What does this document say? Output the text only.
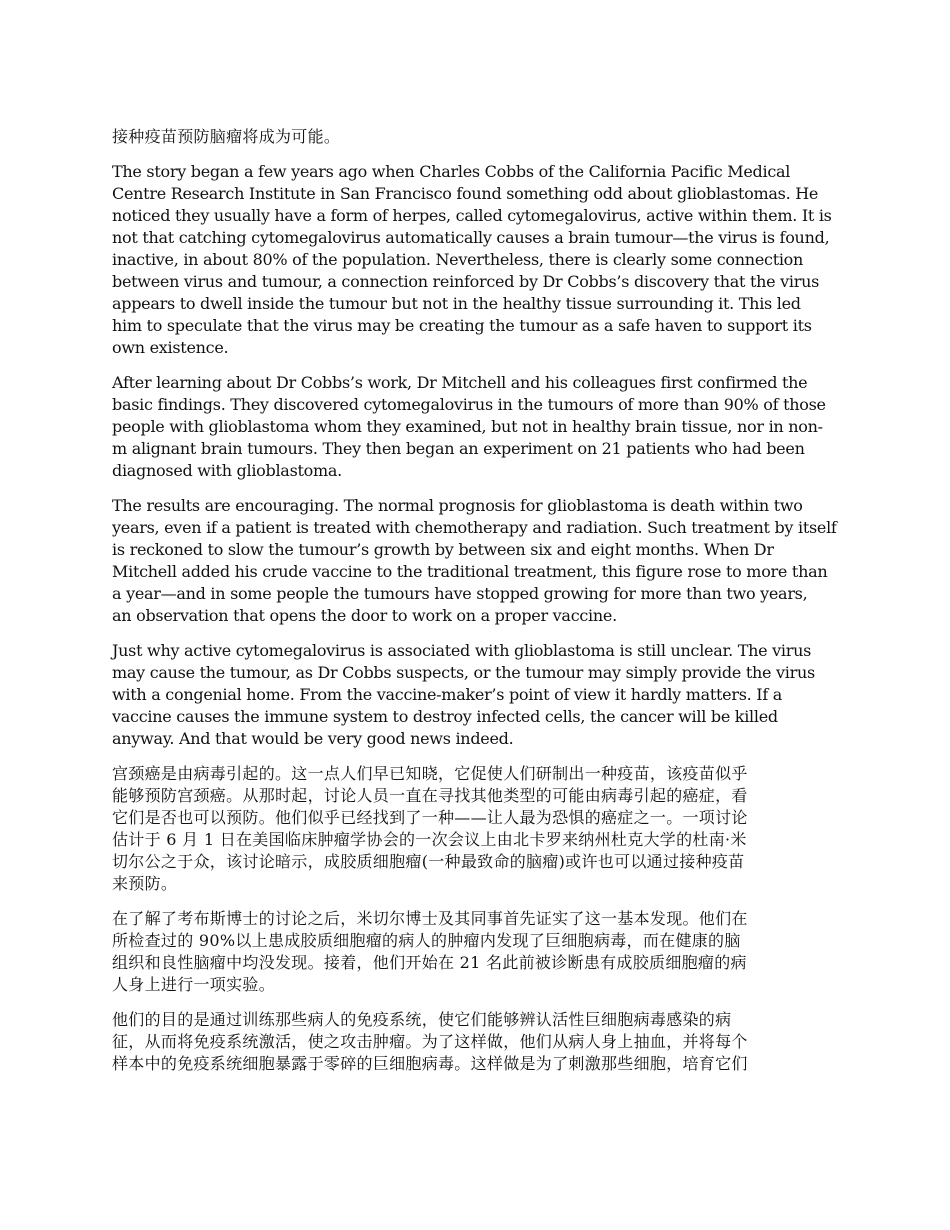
接种疫苗预防脑瘤将成为可能。

The story began a few years ago when Charles Cobbs of the California Pacific Medical
Centre Research Institute in San Francisco found something odd about glioblastomas. He
noticed they usually have a form of herpes, called cytomegalovirus, active within them. It is
not that catching cytomegalovirus automatically causes a brain tumour—the virus is found,
inactive, in about 80% of the population. Nevertheless, there is clearly some connection
between virus and tumour, a connection reinforced by Dr Cobbs’s discovery that the virus
appears to dwell inside the tumour but not in the healthy tissue surrounding it. This led
him to speculate that the virus may be creating the tumour as a safe haven to support its
own existence.

After learning about Dr Cobbs’s work, Dr Mitchell and his colleagues first confirmed the
basic findings. They discovered cytomegalovirus in the tumours of more than 90% of those
people with glioblastoma whom they examined, but not in healthy brain tissue, nor in non-
m alignant brain tumours. They then began an experiment on 21 patients who had been
diagnosed with glioblastoma.

The results are encouraging. The normal prognosis for glioblastoma is death within two
years, even if a patient is treated with chemotherapy and radiation. Such treatment by itself
is reckoned to slow the tumour’s growth by between six and eight months. When Dr
Mitchell added his crude vaccine to the traditional treatment, this figure rose to more than
a year—and in some people the tumours have stopped growing for more than two years,
an observation that opens the door to work on a proper vaccine.

Just why active cytomegalovirus is associated with glioblastoma is still unclear. The virus
may cause the tumour, as Dr Cobbs suspects, or the tumour may simply provide the virus
with a congenial home. From the vaccine-maker’s point of view it hardly matters. If a
vaccine causes the immune system to destroy infected cells, the cancer will be killed
anyway. And that would be very good news indeed.

宫颈癌是由病毒引起的。这一点人们早已知晓，它促使人们研制出一种疫苗，该疫苗似乎
能够预防宫颈癌。从那时起，讨论人员一直在寻找其他类型的可能由病毒引起的癌症，看
它们是否也可以预防。他们似乎已经找到了一种——让人最为恐惧的癌症之一。一项讨论
估计于 6 月 1 日在美国临床肿瘤学协会的一次会议上由北卡罗来纳州杜克大学的杜南·米
切尔公之于众，该讨论暗示，成胶质细胞瘤(一种最致命的脑瘤)或许也可以通过接种疫苗
来预防。

在了解了考布斯博士的讨论之后，米切尔博士及其同事首先证实了这一基本发现。他们在
所检查过的 90%以上患成胶质细胞瘤的病人的肿瘤内发现了巨细胞病毒，而在健康的脑
组织和良性脑瘤中均没发现。接着，他们开始在 21 名此前被诊断患有成胶质细胞瘤的病
人身上进行一项实验。

他们的目的是通过训练那些病人的免疫系统，使它们能够辨认活性巨细胞病毒感染的病
征，从而将免疫系统激活，使之攻击肿瘤。为了这样做，他们从病人身上抽血，并将每个
样本中的免疫系统细胞暴露于零碎的巨细胞病毒。这样做是为了刺激那些细胞，培育它们
